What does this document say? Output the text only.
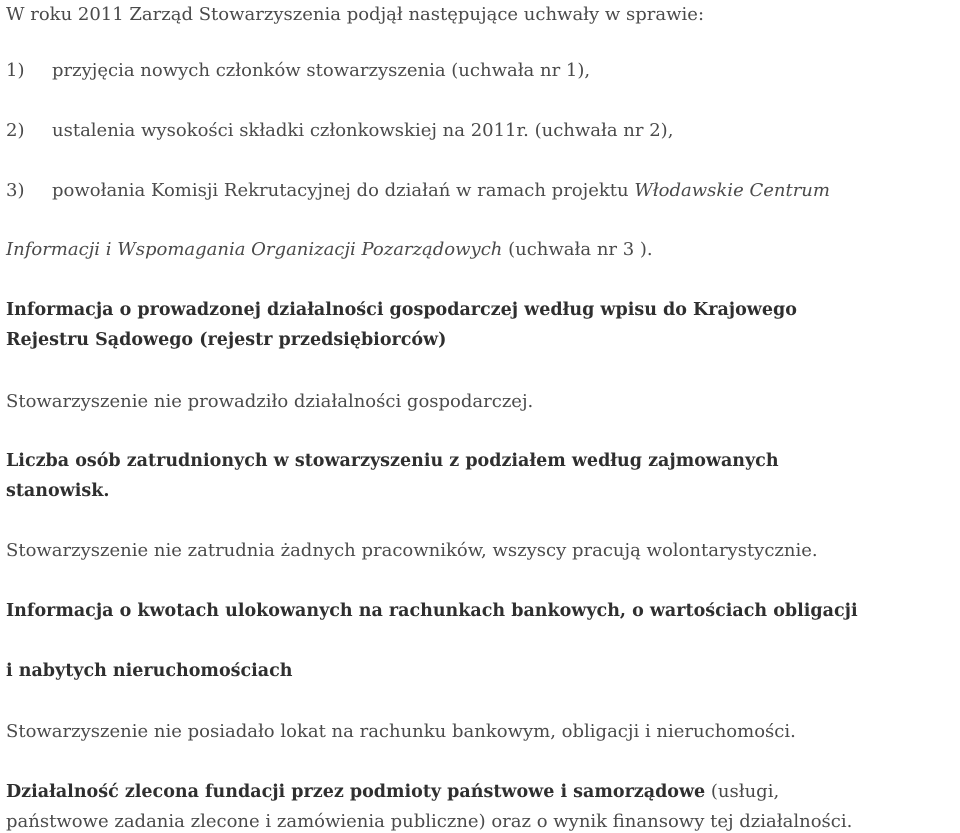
W roku 2011 Zarząd Stowarzyszenia podjął następujące uchwały w sprawie:
1) przyjęcia nowych członków stowarzyszenia (uchwała nr 1),
2) ustalenia wysokości składki członkowskiej na 2011r. (uchwała nr 2),
3) powołania Komisji Rekrutacyjnej do działań w ramach projektu Włodawskie Centrum
Informacji i Wspomagania Organizacji Pozarządowych (uchwała nr 3 ).
Informacja o prowadzonej działalności gospodarczej według wpisu do Krajowego
Rejestru Sądowego (rejestr przedsiębiorców)
Stowarzyszenie nie prowadziło działalności gospodarczej.
Liczba osób zatrudnionych w stowarzyszeniu z podziałem według zajmowanych
stanowisk.
Stowarzyszenie nie zatrudnia żadnych pracowników, wszyscy pracują wolontarystycznie.
Informacja o kwotach ulokowanych na rachunkach bankowych, o wartościach obligacji
i nabytych nieruchomościach
Stowarzyszenie nie posiadało lokat na rachunku bankowym, obligacji i nieruchomości.
Działalność zlecona fundacji przez podmioty państwowe i samorządowe (usługi,
państwowe zadania zlecone i zamówienia publiczne) oraz o wynik finansowy tej działalności.
